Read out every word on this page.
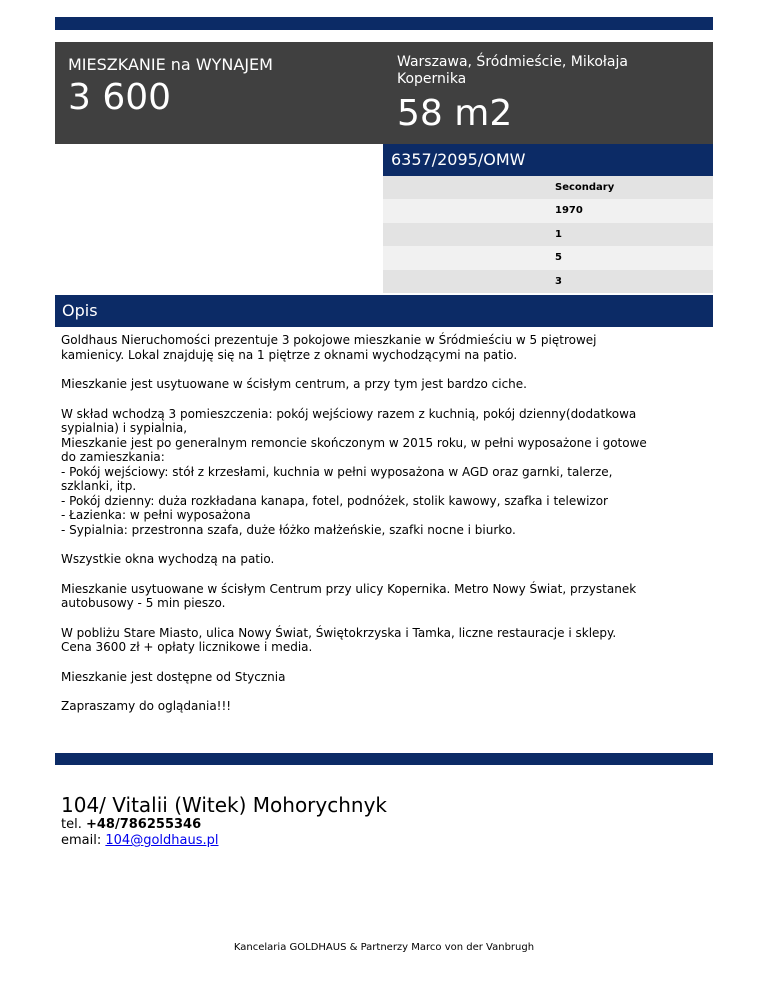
MIESZKANIE na WYNAJEM
3 600
Warszawa, Śródmieście, Mikołaja Kopernika
58 m2
6357/2095/OMW
Secondary
1970
1
5
3
Opis

Goldhaus Nieruchomości prezentuje 3 pokojowe mieszkanie w Śródmieściu w 5 piętrowej kamienicy. Lokal znajduję się na 1 piętrze z oknami wychodzącymi na patio.

Mieszkanie jest usytuowane w ścisłym centrum, a przy tym jest bardzo ciche.

W skład wchodzą 3 pomieszczenia: pokój wejściowy razem z kuchnią, pokój dzienny(dodatkowa sypialnia) i sypialnia,
Mieszkanie jest po generalnym remoncie skończonym w 2015 roku, w pełni wyposażone i gotowe do zamieszkania:
- Pokój wejściowy: stół z krzesłami, kuchnia w pełni wyposażona w AGD oraz garnki, talerze, szklanki, itp.
- Pokój dzienny: duża rozkładana kanapa, fotel, podnóżek, stolik kawowy, szafka i telewizor
- Łazienka: w pełni wyposażona
- Sypialnia: przestronna szafa, duże łóżko małżeńskie, szafki nocne i biurko.

Wszystkie okna wychodzą na patio.

Mieszkanie usytuowane w ścisłym Centrum przy ulicy Kopernika. Metro Nowy Świat, przystanek autobusowy - 5 min pieszo.

W pobliżu Stare Miasto, ulica Nowy Świat, Świętokrzyska i Tamka, liczne restauracje i sklepy.
Cena 3600 zł + opłaty licznikowe i media.

Mieszkanie jest dostępne od Stycznia

Zapraszamy do oglądania!!!

104/ Vitalii (Witek) Mohorychnyk
tel. +48/786255346
email: 104@goldhaus.pl
Kancelaria GOLDHAUS & Partnerzy Marco von der Vanbrugh
